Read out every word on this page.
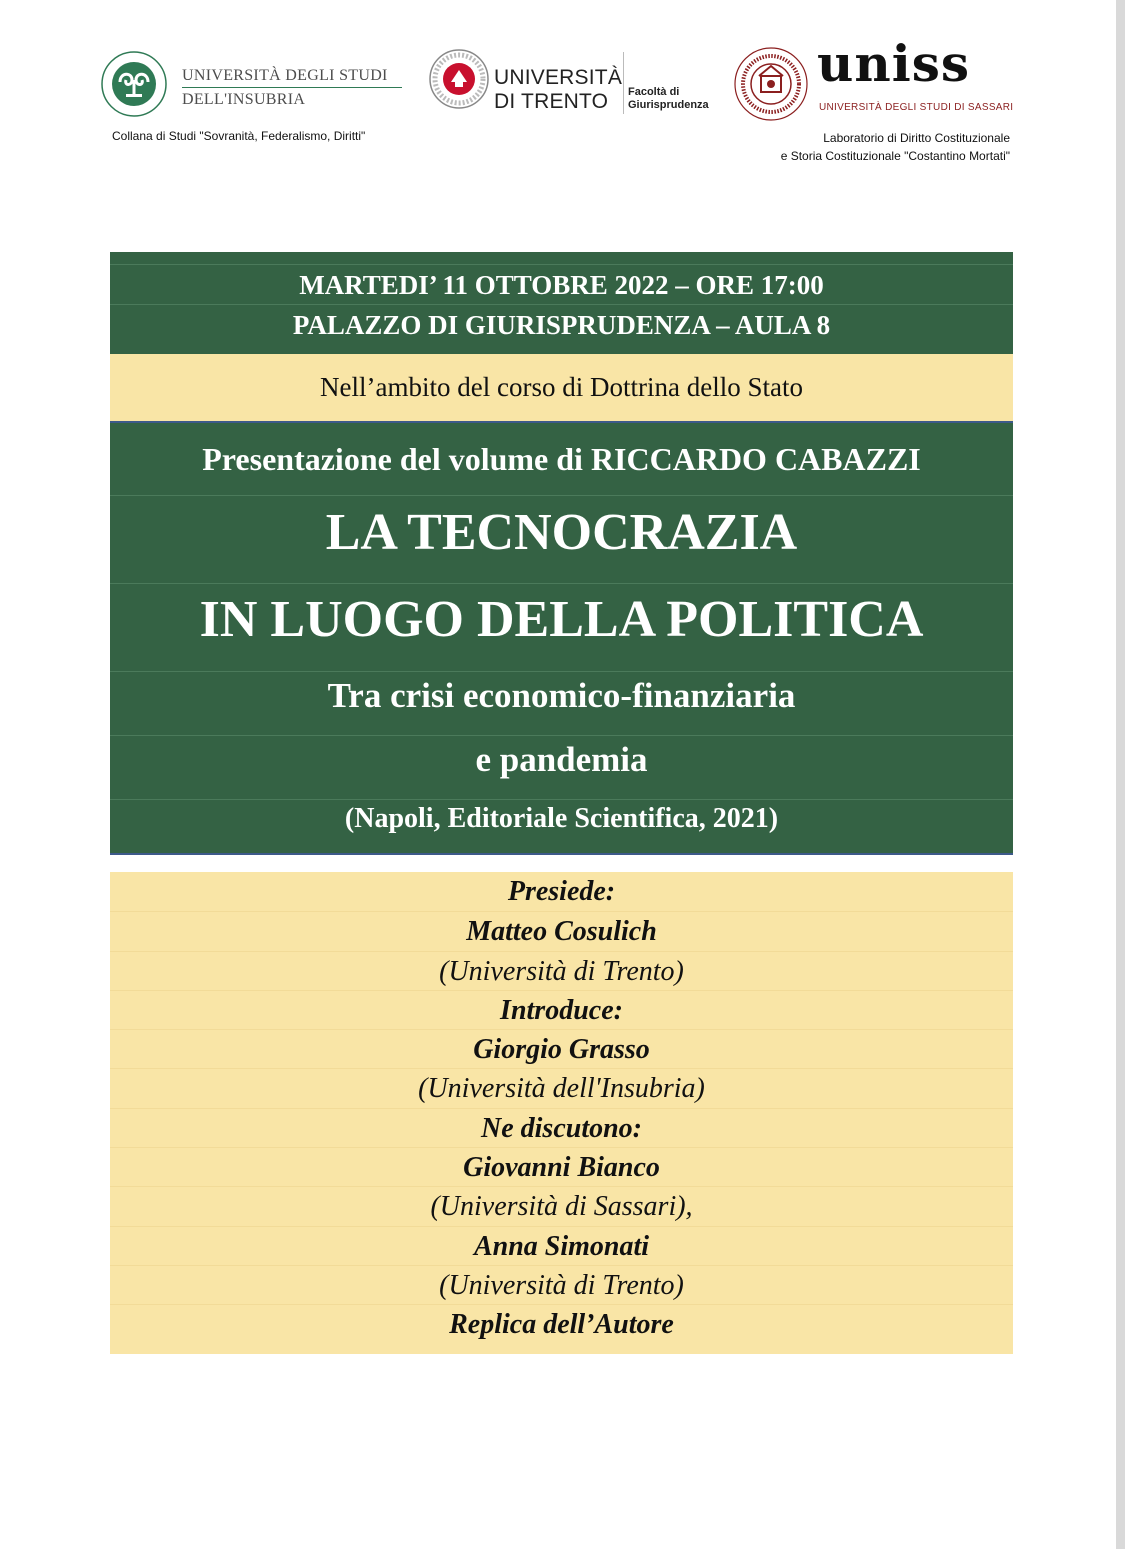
UNIVERSITÀ DEGLI STUDI
DELL'INSUBRIA
Collana di Studi "Sovranità, Federalismo, Diritti"
UNIVERSITÀ
DI TRENTO	Facoltà di
Giurisprudenza
uniss
UNIVERSITÀ DEGLI STUDI DI SASSARI
Laboratorio di Diritto Costituzionale
e Storia Costituzionale "Costantino Mortati"
MARTEDI’ 11 OTTOBRE 2022 – ORE 17:00
PALAZZO DI GIURISPRUDENZA – AULA 8
Nell’ambito del corso di Dottrina dello Stato
Presentazione del volume di RICCARDO CABAZZI
LA TECNOCRAZIA
IN LUOGO DELLA POLITICA
Tra crisi economico-finanziaria
e pandemia
(Napoli, Editoriale Scientifica, 2021)
Presiede:
Matteo Cosulich
(Università di Trento)
Introduce:
Giorgio Grasso
(Università dell'Insubria)
Ne discutono:
Giovanni Bianco
(Università di Sassari),
Anna Simonati
(Università di Trento)
Replica dell’Autore
